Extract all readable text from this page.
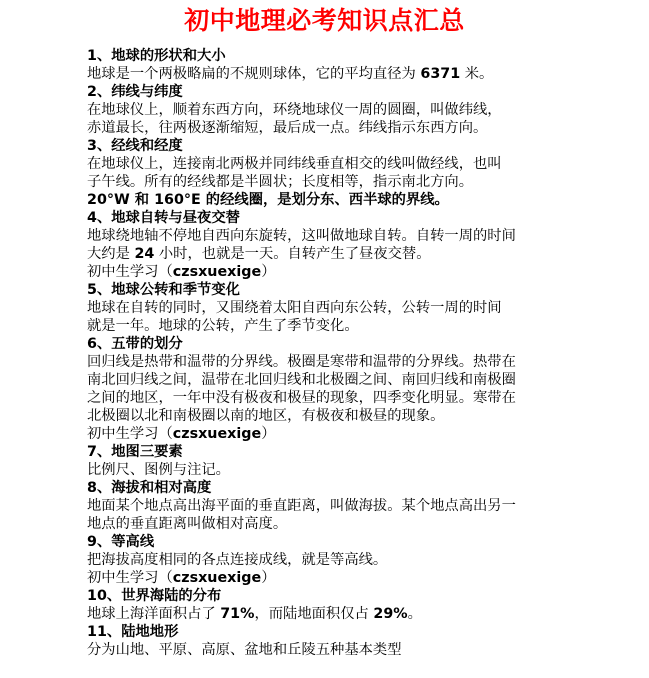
初中地理必考知识点汇总
1、地球的形状和大小
地球是一个两极略扁的不规则球体，它的平均直径为 6371 米。
2、纬线与纬度
在地球仪上，顺着东西方向，环绕地球仪一周的圆圈，叫做纬线，
赤道最长，往两极逐渐缩短，最后成一点。纬线指示东西方向。
3、经线和经度
在地球仪上，连接南北两极并同纬线垂直相交的线叫做经线，也叫
子午线。所有的经线都是半圆状；长度相等，指示南北方向。
20°W 和 160°E 的经线圈，是划分东、西半球的界线。
4、地球自转与昼夜交替
地球绕地轴不停地自西向东旋转，这叫做地球自转。自转一周的时间
大约是 24 小时，也就是一天。自转产生了昼夜交替。
初中生学习（czsxuexige）
5、地球公转和季节变化
地球在自转的同时，又围绕着太阳自西向东公转，公转一周的时间
就是一年。地球的公转，产生了季节变化。
6、五带的划分
回归线是热带和温带的分界线。极圈是寒带和温带的分界线。热带在
南北回归线之间，温带在北回归线和北极圈之间、南回归线和南极圈
之间的地区，一年中没有极夜和极昼的现象，四季变化明显。寒带在
北极圈以北和南极圈以南的地区，有极夜和极昼的现象。
初中生学习（czsxuexige）
7、地图三要素
比例尺、图例与注记。
8、海拔和相对高度
地面某个地点高出海平面的垂直距离，叫做海拔。某个地点高出另一
地点的垂直距离叫做相对高度。
9、等高线
把海拔高度相同的各点连接成线，就是等高线。
初中生学习（czsxuexige）
10、世界海陆的分布
地球上海洋面积占了 71%，而陆地面积仅占 29%。
11、陆地地形
分为山地、平原、高原、盆地和丘陵五种基本类型
